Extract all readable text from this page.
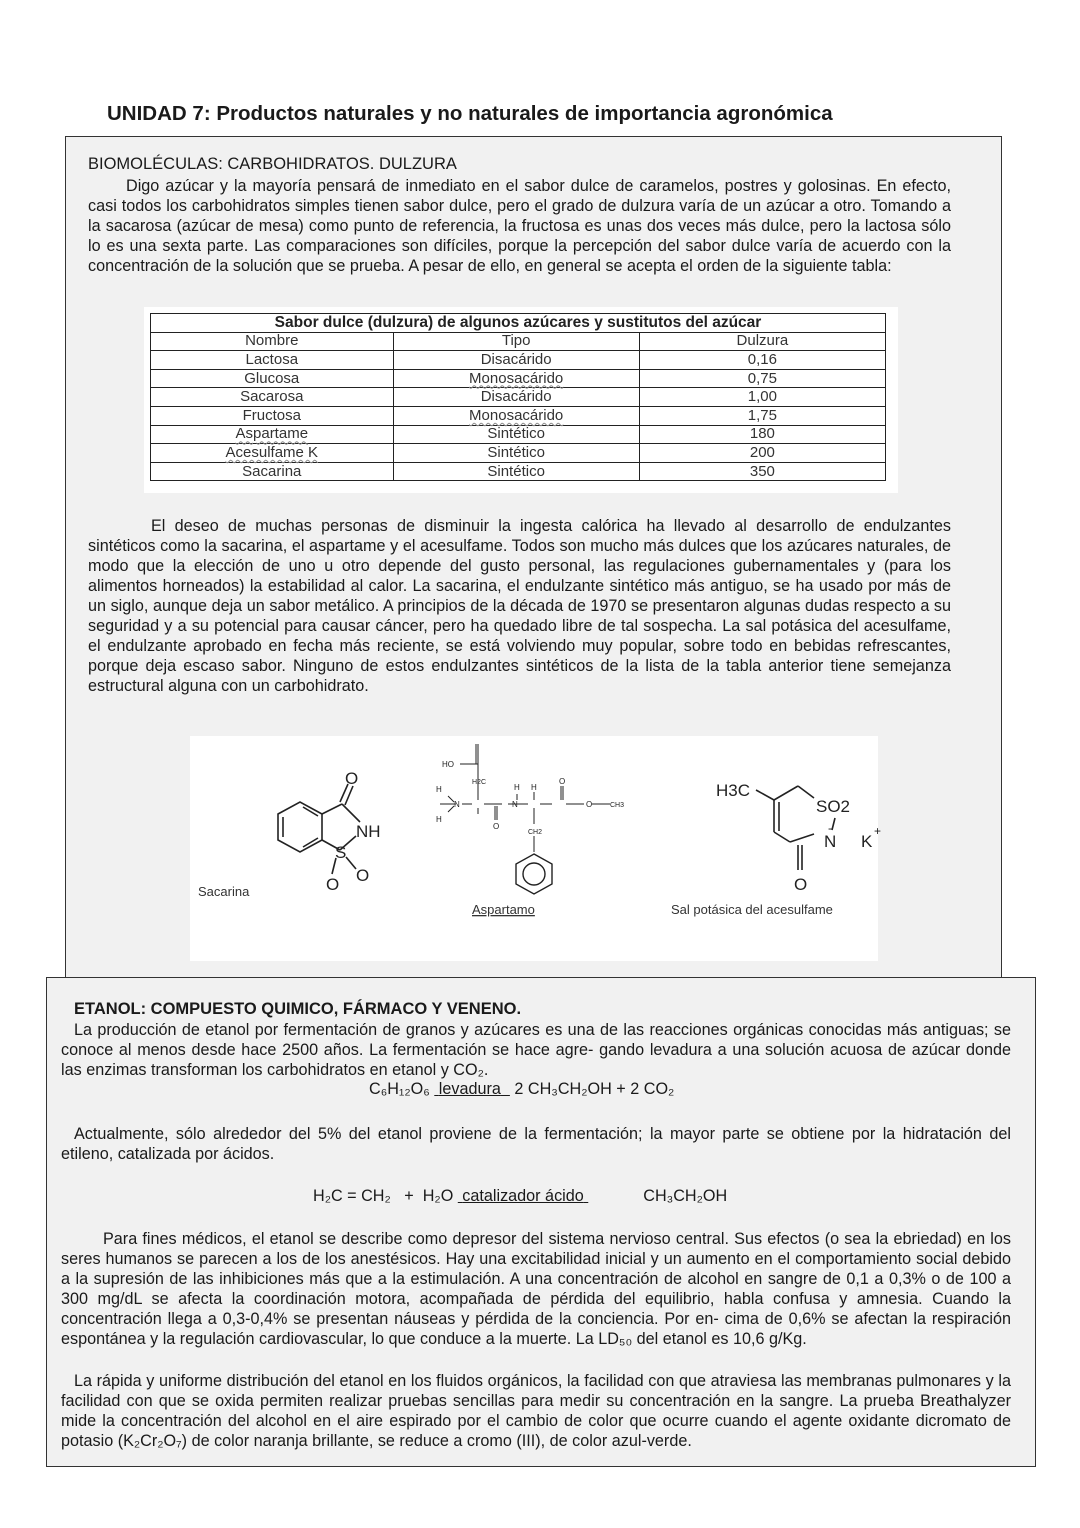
UNIDAD 7: Productos naturales y no naturales de importancia agronómica
BIOMOLÉCULAS: CARBOHIDRATOS. DULZURA
Digo azúcar y la mayoría pensará de inmediato en el sabor dulce de caramelos, postres y golosinas. En efecto, casi todos los carbohidratos simples tienen sabor dulce, pero el grado de dulzura varía de un azúcar a otro. Tomando a la sacarosa (azúcar de mesa) como punto de referencia, la fructosa es unas dos veces más dulce, pero la lactosa sólo lo es una sexta parte. Las comparaciones son difíciles, porque la percepción del sabor dulce varía de acuerdo con la concentración de la solución que se prueba. A pesar de ello, en general se acepta el orden de la siguiente tabla:
Sabor dulce (dulzura) de algunos azúcares y sustitutos del azúcar		
Nombre	Tipo	Dulzura
Lactosa	Disacárido	0,16
Glucosa	Monosacárido	0,75
Sacarosa	Disacárido	1,00
Fructosa	Monosacárido	1,75
Aspartame	Sintético	180
Acesulfame K	Sintético	200
Sacarina	Sintético	350
El deseo de muchas personas de disminuir la ingesta calórica ha llevado al desarrollo de endulzantes sintéticos como la sacarina, el aspartame y el acesulfame. Todos son mucho más dulces que los azúcares naturales, de modo que la elección de uno u otro depende del gusto personal, las regulaciones gubernamentales y (para los alimentos horneados) la estabilidad al calor. La sacarina, el endulzante sintético más antiguo, se ha usado por más de un siglo, aunque deja un sabor metálico. A principios de la década de 1970 se presentaron algunas dudas respecto a su seguridad y a su potencial para causar cáncer, pero ha quedado libre de tal sospecha. La sal potásica del acesulfame, el endulzante aprobado en fecha más reciente, se está volviendo muy popular, sobre todo en bebidas refrescantes, porque deja escaso sabor. Ninguno de estos endulzantes sintéticos de la lista de la tabla anterior tiene semejanza estructural alguna con un carbohidrato.
Sacarina
Aspartamo	Sal potásica del acesulfame
O
NH
S
O O
HO
H2C
H
N
H
H
N
H
O
O	CH3
O
CH2
H3C
SO2
N K
O
-	+
ETANOL: COMPUESTO QUIMICO, FÁRMACO Y VENENO.
La producción de etanol por fermentación de granos y azúcares es una de las reacciones orgánicas conocidas más antiguas; se conoce al menos desde hace 2500 años. La fermentación se hace agre- gando levadura a una solución acuosa de azúcar donde las enzimas transforman los carbohidratos en etanol y CO₂.
C₆H₁₂O₆ levadura 2 CH₃CH₂OH + 2 CO₂
Actualmente, sólo alrededor del 5% del etanol proviene de la fermentación; la mayor parte se obtiene por la hidratación del etileno, catalizada por ácidos.
H₂C = CH₂   +  H₂O catalizador ácido	CH₃CH₂OH
Para fines médicos, el etanol se describe como depresor del sistema nervioso central. Sus efectos (o sea la ebriedad) en los seres humanos se parecen a los de los anestésicos. Hay una excitabilidad inicial y un aumento en el comportamiento social debido a la supresión de las inhibiciones más que a la estimulación. A una concentración de alcohol en sangre de 0,1 a 0,3% o de 100 a 300 mg/dL se afecta la coordinación motora, acompañada de pérdida del equilibrio, habla confusa y amnesia. Cuando la concentración llega a 0,3-0,4% se presentan náuseas y pérdida de la conciencia. Por en- cima de 0,6% se afectan la respiración espontánea y la regulación cardiovascular, lo que conduce a la muerte. La LD₅₀ del etanol es 10,6 g/Kg.
La rápida y uniforme distribución del etanol en los fluidos orgánicos, la facilidad con que atraviesa las membranas pulmonares y la facilidad con que se oxida permiten realizar pruebas sencillas para medir su concentración en la sangre. La prueba Breathalyzer mide la concentración del alcohol en el aire espirado por el cambio de color que ocurre cuando el agente oxidante dicromato de potasio (K₂Cr₂O₇) de color naranja brillante, se reduce a cromo (III), de color azul-verde.
